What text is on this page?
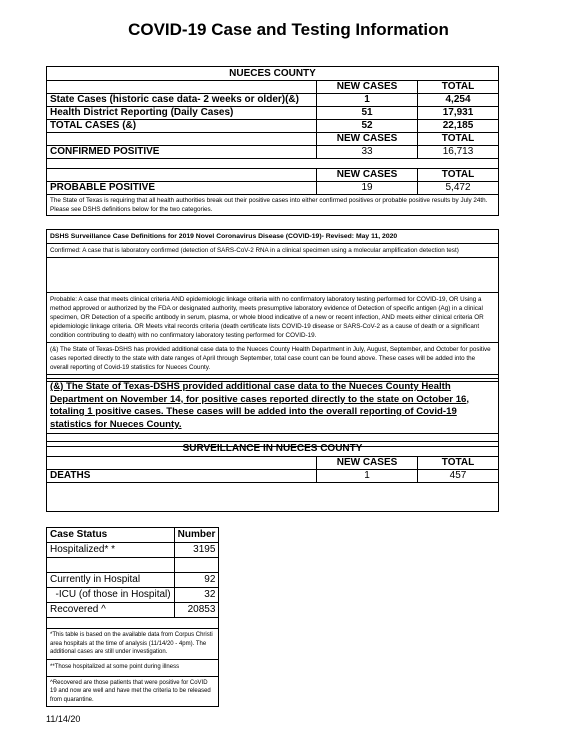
COVID-19 Case and Testing Information
NUECES COUNTY		
	NEW CASES	TOTAL
State Cases (historic case data- 2 weeks or older)(&)	1	4,254
Health District Reporting (Daily Cases)	51	17,931
TOTAL CASES (&)	52	22,185
	NEW CASES	TOTAL
CONFIRMED POSITIVE	33	16,713

	NEW CASES	TOTAL
PROBABLE POSITIVE	19	5,472
The State of Texas is requiring that all health authorities break out their positive cases into either confirmed positives or probable positive results by July 24th. Please see DSHS definitions below for the two categories.		
DSHS Surveillance Case Definitions for 2019 Novel Coronavirus Disease (COVID-19)- Revised: May 11, 2020
Confirmed: A case that is laboratory confirmed (detection of SARS-CoV-2 RNA in a clinical specimen using a molecular amplification detection test)

Probable: A case that meets clinical criteria AND epidemiologic linkage criteria with no confirmatory laboratory testing performed for COVID-19, OR Using a method approved or authorized by the FDA or designated authority, meets presumptive laboratory evidence of Detection of specific antigen (Ag) in a clinical specimen, OR Detection of a specific antibody in serum, plasma, or whole blood indicative of a new or recent infection, AND meets either clinical criteria OR epidemiologic linkage criteria. OR Meets vital records criteria (death certificate lists COVID-19 disease or SARS-CoV-2 as a cause of death or a significant condition contributing to death) with no confirmatory laboratory testing performed for COVID-19.
(&) The State of Texas-DSHS has provided additional case data to the Nueces County Health Department in July, August, September, and October for positive cases reported directly to the state with date ranges of April through September, total case count can be found above. These cases will be added into the overall reporting of Covid-19 statistics for Nueces County.

(&) The State of Texas-DSHS provided additional case data to the Nueces County Health Department on November 14, for positive cases reported directly to the state on October 16, totaling 1 positive cases. These cases will be added into the overall reporting of Covid-19 statistics for Nueces County.

SURVEILLANCE IN NUECES COUNTY		
	NEW CASES	TOTAL
DEATHS	1	457

Case Status	Number
Hospitalized* *	3195

Currently in Hospital	92
-ICU (of those in Hospital)	32
Recovered ^	20853

*This table is based on the available data from Corpus Christi area hospitals at the time of analysis (11/14/20 - 4pm). The additional cases are still under investigation.	
**Those hospitalized at some point during illness	
^Recovered are those patients that were positive for CoVID 19 and now are well and have met the criteria to be released from quarantine.	
11/14/20
